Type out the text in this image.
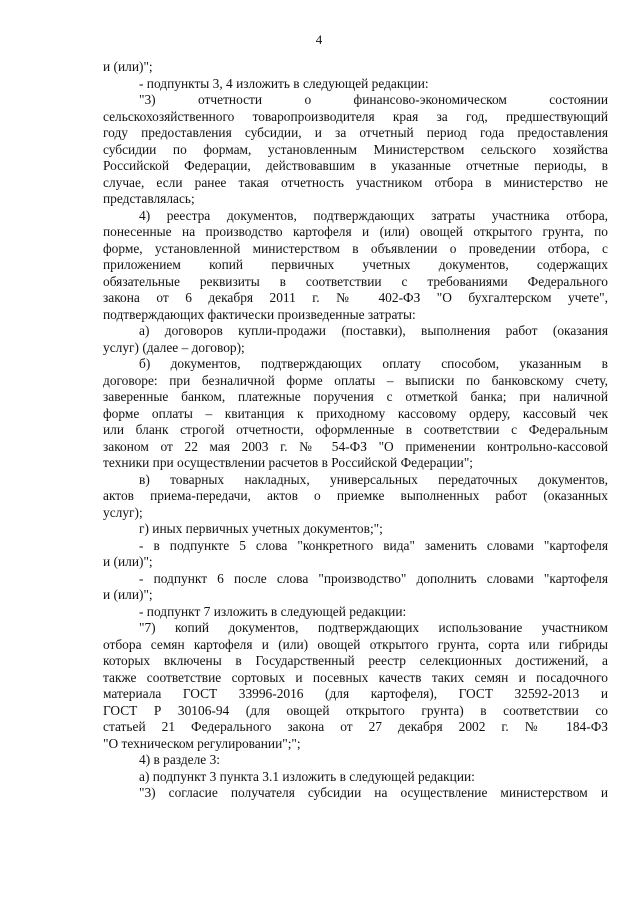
4
и (или)";
- подпункты 3, 4 изложить в следующей редакции:
"3) отчетности о финансово-экономическом состоянии
сельскохозяйственного товаропроизводителя края за год, предшествующий
году предоставления субсидии, и за отчетный период года предоставления
субсидии по формам, установленным Министерством сельского хозяйства
Российской Федерации, действовавшим в указанные отчетные периоды, в
случае, если ранее такая отчетность участником отбора в министерство не
представлялась;
4) реестра документов, подтверждающих затраты участника отбора,
понесенные на производство картофеля и (или) овощей открытого грунта, по
форме, установленной министерством в объявлении о проведении отбора, с
приложением копий первичных учетных документов, содержащих
обязательные реквизиты в соответствии с требованиями Федерального
закона от 6 декабря 2011 г. № 402-ФЗ "О бухгалтерском учете",
подтверждающих фактически произведенные затраты:
а) договоров купли-продажи (поставки), выполнения работ (оказания
услуг) (далее – договор);
б) документов, подтверждающих оплату способом, указанным в
договоре: при безналичной форме оплаты – выписки по банковскому счету,
заверенные банком, платежные поручения с отметкой банка; при наличной
форме оплаты – квитанция к приходному кассовому ордеру, кассовый чек
или бланк строгой отчетности, оформленные в соответствии с Федеральным
законом от 22 мая 2003 г. № 54-ФЗ "О применении контрольно-кассовой
техники при осуществлении расчетов в Российской Федерации";
в) товарных накладных, универсальных передаточных документов,
актов приема-передачи, актов о приемке выполненных работ (оказанных
услуг);
г) иных первичных учетных документов;";
- в подпункте 5 слова "конкретного вида" заменить словами "картофеля
и (или)";
- подпункт 6 после слова "производство" дополнить словами "картофеля
и (или)";
- подпункт 7 изложить в следующей редакции:
"7) копий документов, подтверждающих использование участником
отбора семян картофеля и (или) овощей открытого грунта, сорта или гибриды
которых включены в Государственный реестр селекционных достижений, а
также соответствие сортовых и посевных качеств таких семян и посадочного
материала ГОСТ 33996-2016 (для картофеля), ГОСТ 32592-2013 и
ГОСТ Р 30106-94 (для овощей открытого грунта) в соответствии со
статьей 21 Федерального закона от 27 декабря 2002 г. № 184-ФЗ
"О техническом регулировании";";
4) в разделе 3:
а) подпункт 3 пункта 3.1 изложить в следующей редакции:
"3) согласие получателя субсидии на осуществление министерством и
